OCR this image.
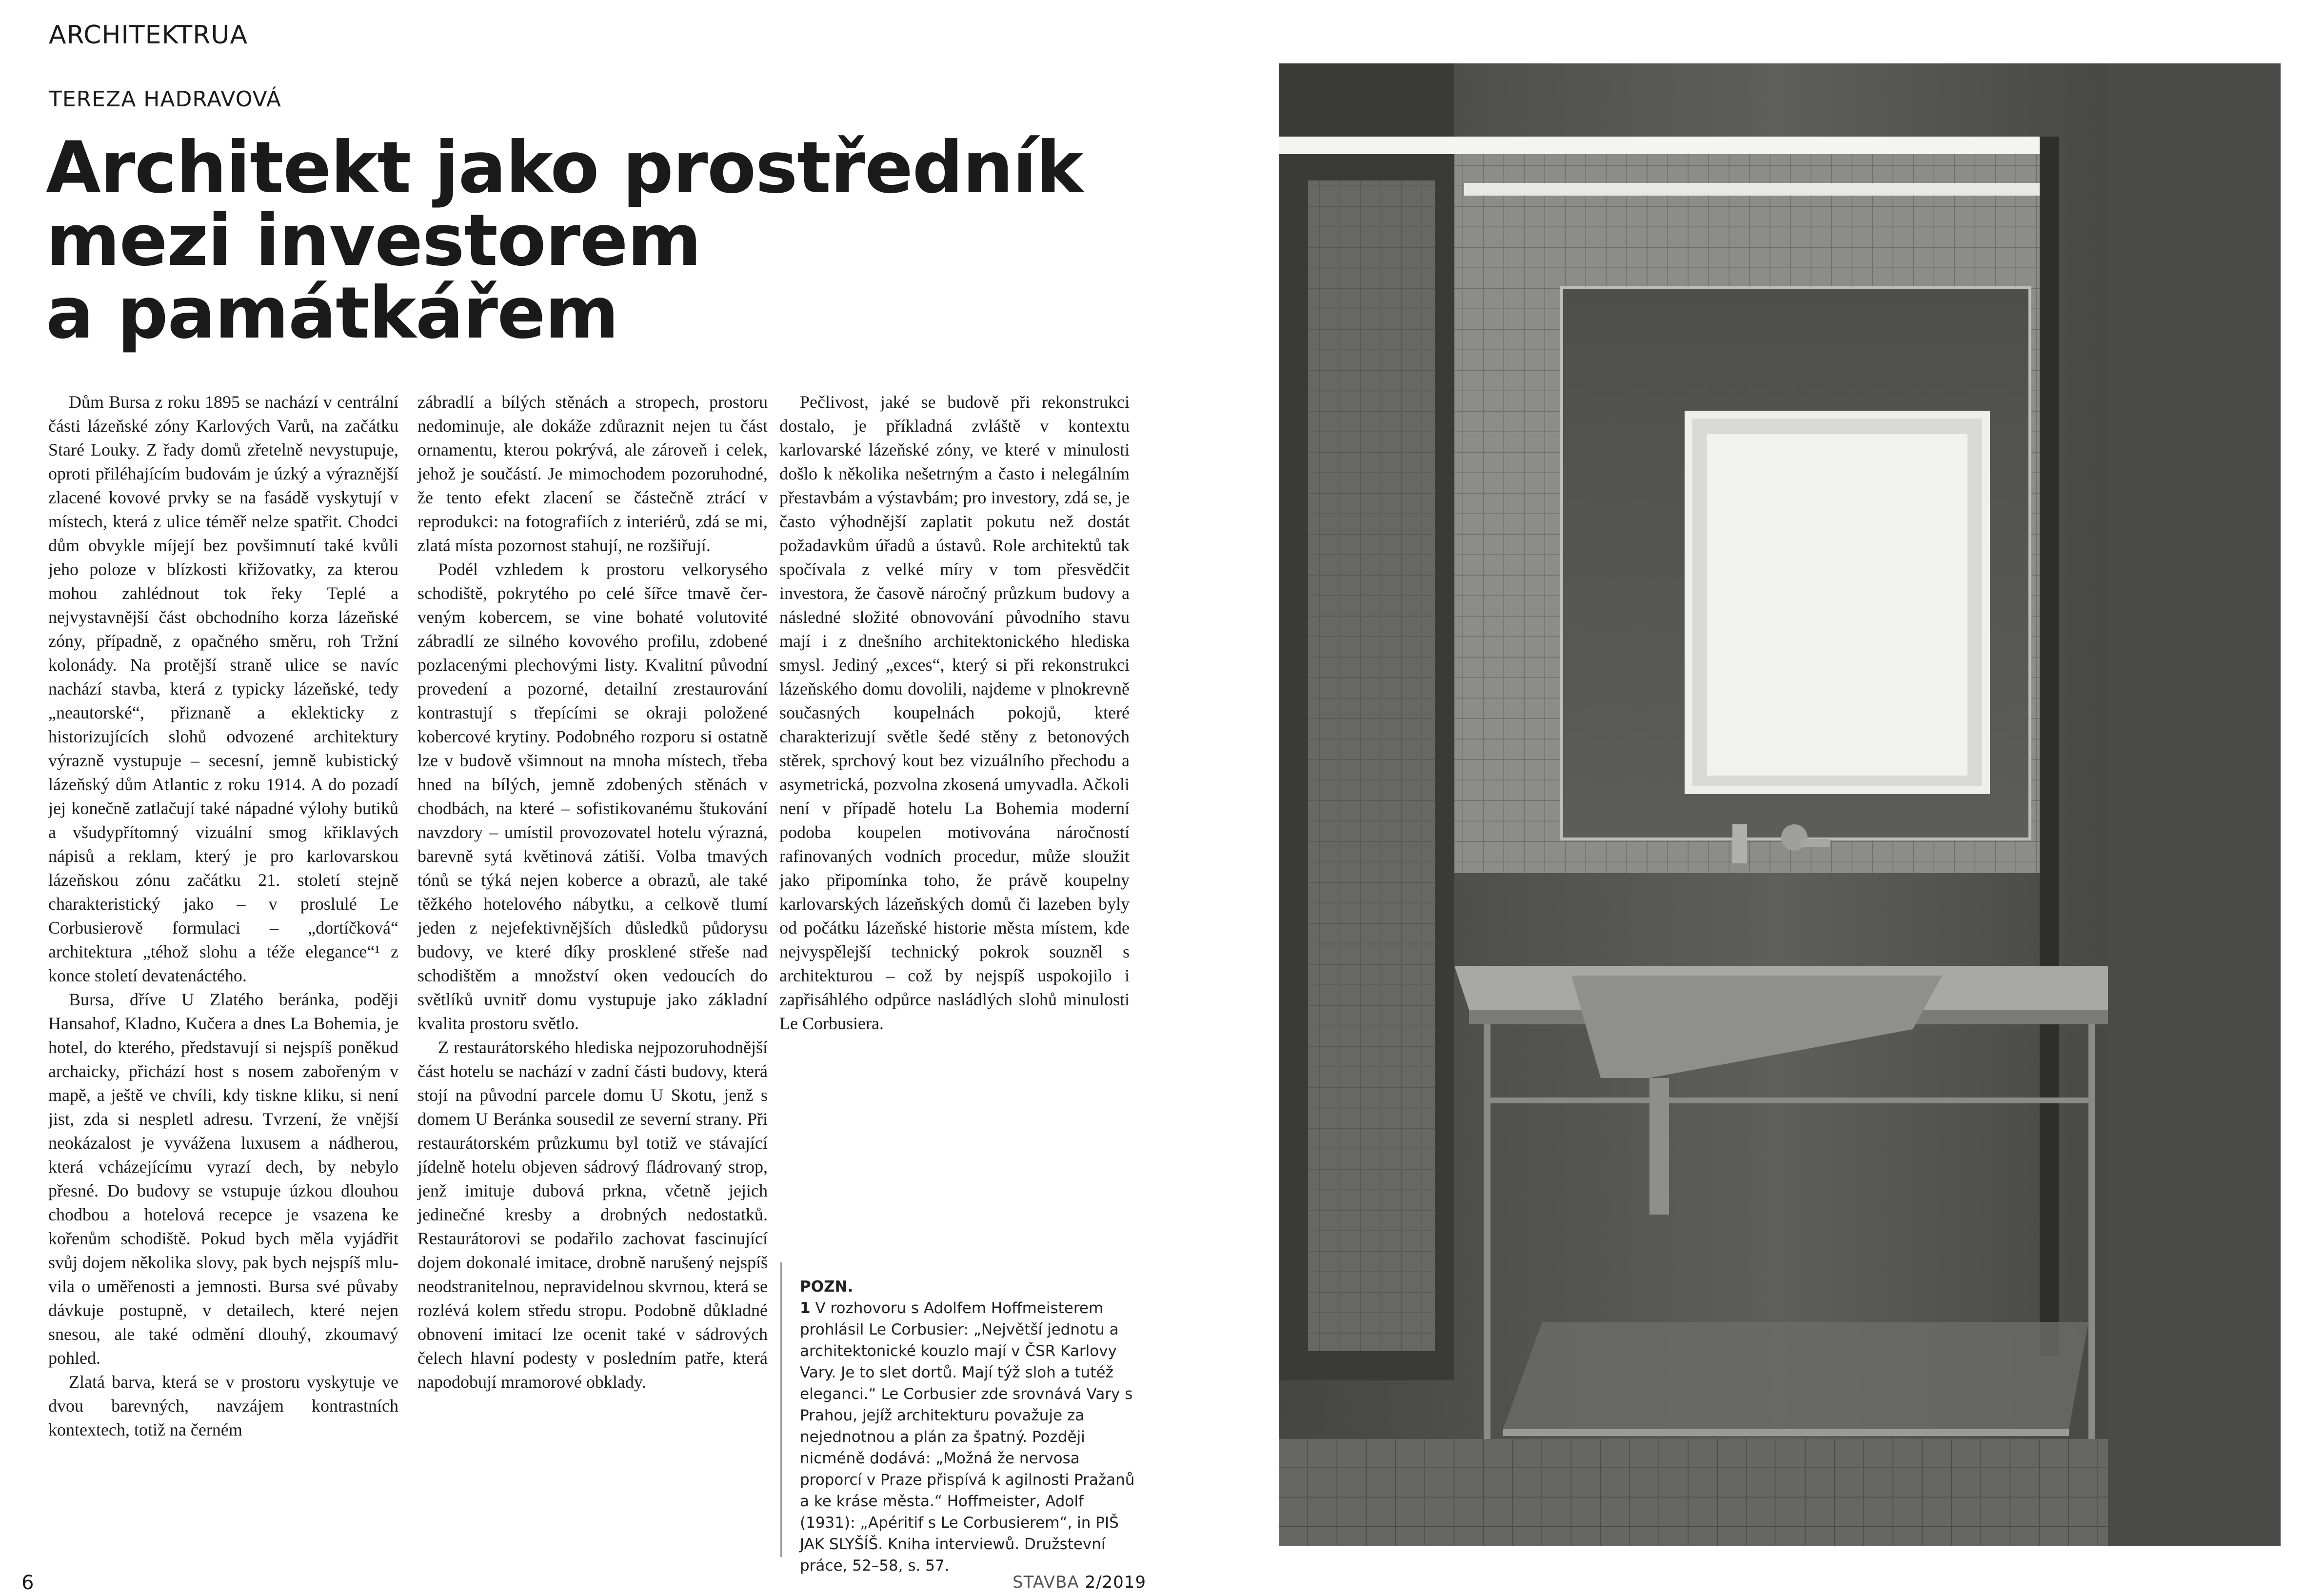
ARCHITEKTRUA
TEREZA HADRAVOVÁ
Architekt jako prostředník
mezi investorem
a památkářem

Dům Bursa z roku 1895 se nachází v centrální části lázeňské zóny Karlových Varů, na začátku Staré Louky. Z řady domů zřetelně nevystupuje, oproti přiléhajícím budovám je úzký a výraznější zlacené kovové prvky se na fasádě vyskytují v místech, která z ulice téměř nelze spatřit. Chodci dům obvykle míjejí bez povšimnutí také kvůli jeho poloze v blízkosti křižovatky, za kterou mohou zahlédnout tok řeky Teplé a nejvystavnější část obchodního korza lázeňské zóny, případně, z opačného směru, roh Tržní kolonády. Na protější straně ulice se navíc nachází stavba, která z typicky lázeňské, tedy „neautorské“, přiznaně a eklekticky z historizujících slohů odvozené architektury výrazně vystupuje – secesní, jemně kubistický lázeňský dům Atlantic z roku 1914. A do pozadí jej konečně zatlačují také nápadné výlohy butiků a všudypřítomný vizuální smog křiklavých nápisů a reklam, který je pro karlovarskou lázeňskou zónu začátku 21. století stejně charakteristický jako – v proslulé Le Corbusierově formulaci – „dortíčková“ architektura „téhož slohu a téže elegance“¹ z konce století devatenáctého.

Bursa, dříve U Zlatého beránka, poději Hansahof, Kladno, Kučera a dnes La Bohemia, je hotel, do kterého, představují si nejspíš poněkud archaicky, přichází host s nosem zabořeným v mapě, a ještě ve chvíli, kdy tiskne kliku, si není jist, zda si nespletl adresu. Tvrzení, že vnější neokázalost je vyvážena luxusem a nádherou, která vcházejícímu vyrazí dech, by nebylo přesné. Do budovy se vstupuje úzkou dlouhou chodbou a hotelová recepce je vsazena ke kořenům schodiště. Pokud bych měla vyjádřit svůj dojem několika slovy, pak bych nejspíš mluvila o uměřenosti a jemnosti. Bursa své půvaby dávkuje postupně, v detailech, které nejen snesou, ale také odmění dlouhý, zkoumavý pohled.

Zlatá barva, která se v prostoru vyskytuje ve dvou barevných, navzájem kontrastních kontextech, totiž na černém

zábradlí a bílých stěnách a stropech, prostoru nedominuje, ale dokáže zdůraznit nejen tu část ornamentu, kterou pokrývá, ale zároveň i celek, jehož je součástí. Je mimochodem pozoruhodné, že tento efekt zlacení se částečně ztrácí v reprodukci: na fotografiích z interiérů, zdá se mi, zlatá místa pozornost stahují, ne rozšiřují.

Podél vzhledem k prostoru velkorysého schodiště, pokrytého po celé šířce tmavě červeným kobercem, se vine bohaté volutovité zábradlí ze silného kovového profilu, zdobené pozlacenými plechovými listy. Kvalitní původní provedení a pozorné, detailní zrestaurování kontrastují s třepícími se okraji položené kobercové krytiny. Podobného rozporu si ostatně lze v budově všimnout na mnoha místech, třeba hned na bílých, jemně zdobených stěnách v chodbách, na které – sofistikovanému štukování navzdory – umístil provozovatel hotelu výrazná, barevně sytá květinová zátiší. Volba tmavých tónů se týká nejen koberce a obrazů, ale také těžkého hotelového nábytku, a celkově tlumí jeden z nejefektivnějších důsledků půdorysu budovy, ve které díky prosklené střeše nad schodištěm a množství oken vedoucích do světlíků uvnitř domu vystupuje jako základní kvalita prostoru světlo.

Z restaurátorského hlediska nejpozoruhodnější část hotelu se nachází v zadní části budovy, která stojí na původní parcele domu U Skotu, jenž s domem U Beránka sousedil ze severní strany. Při restaurátorském průzkumu byl totiž ve stávající jídelně hotelu objeven sádrový fládrovaný strop, jenž imituje dubová prkna, včetně jejich jedinečné kresby a drobných nedostatků. Restaurátorovi se podařilo zachovat fascinující dojem dokonalé imitace, drobně narušený nejspíš neodstranitelnou, nepravidelnou skvrnou, která se rozlévá kolem středu stropu. Podobně důkladné obnovení imitací lze ocenit také v sádrových čelech hlavní podesty v posledním patře, která napodobují mramorové obklady.

Pečlivost, jaké se budově při rekonstrukci dostalo, je příkladná zvláště v kontextu karlovarské lázeňské zóny, ve které v minulosti došlo k několika nešetrným a často i nelegálním přestavbám a výstavbám; pro investory, zdá se, je často výhodnější zaplatit pokutu než dostát požadavkům úřadů a ústavů. Role architektů tak spočívala z velké míry v tom přesvědčit investora, že časově náročný průzkum budovy a následné složité obnovování původního stavu mají i z dnešního architektonického hlediska smysl. Jediný „exces“, který si při rekonstrukci lázeňského domu dovolili, najdeme v plnokrevně současných koupelnách pokojů, které charakterizují světle šedé stěny z betonových stěrek, sprchový kout bez vizuálního přechodu a asymetrická, pozvolna zkosená umyvadla. Ačkoli není v případě hotelu La Bohemia moderní podoba koupelen motivována náročností rafinovaných vodních procedur, může sloužit jako připomínka toho, že právě koupelny karlovarských lázeňských domů či lazeben byly od počátku lázeňské historie města místem, kde nejvyspělejší technický pokrok souzněl s architekturou – což by nejspíš uspokojilo i zapřisáhlého odpůrce nasládlých slohů minulosti Le Corbusiera.

POZN.
1 V rozhovoru s Adolfem Hoffmeisterem prohlásil Le Corbusier: „Největší jednotu a architektonické kouzlo mají v ČSR Karlovy Vary. Je to slet dortů. Mají týž sloh a tutéž eleganci.“ Le Corbusier zde srovnává Vary s Prahou, jejíž architekturu považuje za nejednotnou a plán za špatný. Později nicméně dodává: „Možná že nervosa proporcí v Praze přispívá k agilnosti Pražanů a ke kráse města.“ Hoffmeister, Adolf (1931): „Apéritif s Le Corbusierem“, in PIŠ JAK SLYŠÍŠ. Kniha interviewů. Družstevní práce, 52–58, s. 57.
6	STAVBA 2/2019
